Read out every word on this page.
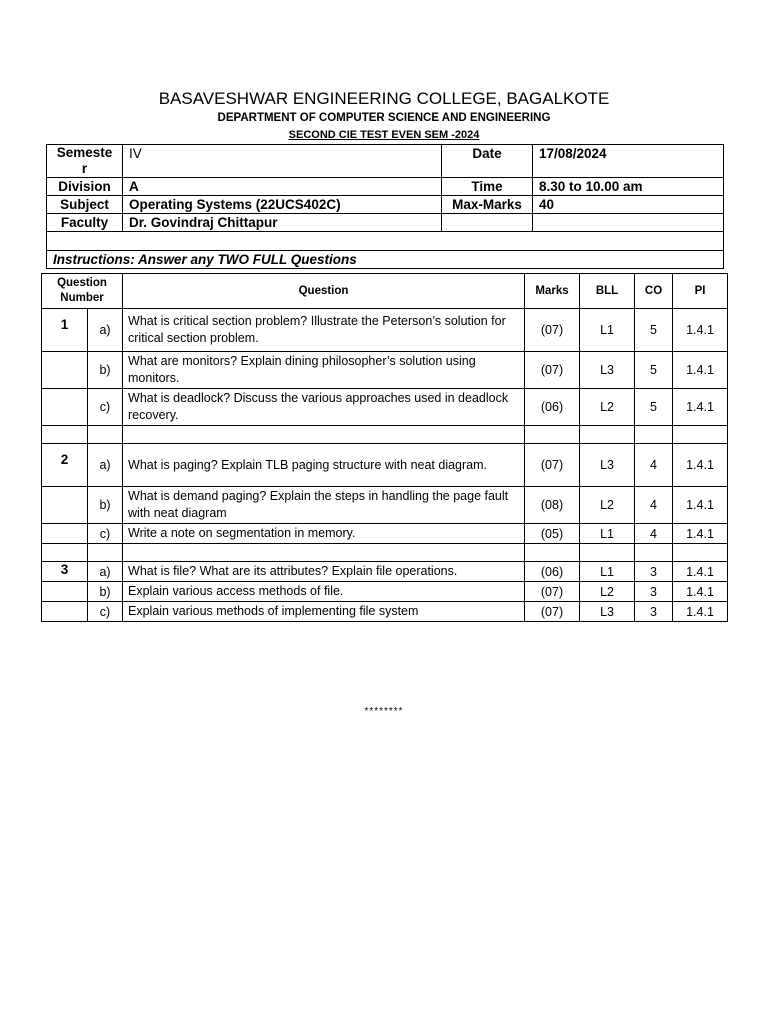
BASAVESHWAR ENGINEERING COLLEGE, BAGALKOTE
DEPARTMENT OF COMPUTER SCIENCE AND ENGINEERING
SECOND CIE TEST EVEN SEM -2024
Semeste r	IV	Date	17/08/2024
Division	A	Time	8.30 to 10.00 am
Subject	Operating Systems (22UCS402C)	Max-Marks	40
Faculty	Dr. Govindraj Chittapur		

Instructions: Answer any TWO FULL Questions			
Question Number		Question	Marks	BLL	CO	PI
1	a)	What is critical section problem? Illustrate the Peterson’s solution for critical section problem.	(07)	L1	5	1.4.1
	b)	What are monitors? Explain dining philosopher’s solution using monitors.	(07)	L3	5	1.4.1
	c)	What is deadlock? Discuss the various approaches used in deadlock recovery.	(06)	L2	5	1.4.1

2	a)	What is paging? Explain TLB paging structure with neat diagram.	(07)	L3	4	1.4.1
	b)	What is demand paging? Explain the steps in handling the page fault with neat diagram	(08)	L2	4	1.4.1
	c)	Write a note on segmentation in memory.	(05)	L1	4	1.4.1

3	a)	What is file? What are its attributes? Explain file operations.	(06)	L1	3	1.4.1
	b)	Explain various access methods of file.	(07)	L2	3	1.4.1
	c)	Explain various methods of implementing file system	(07)	L3	3	1.4.1
********
